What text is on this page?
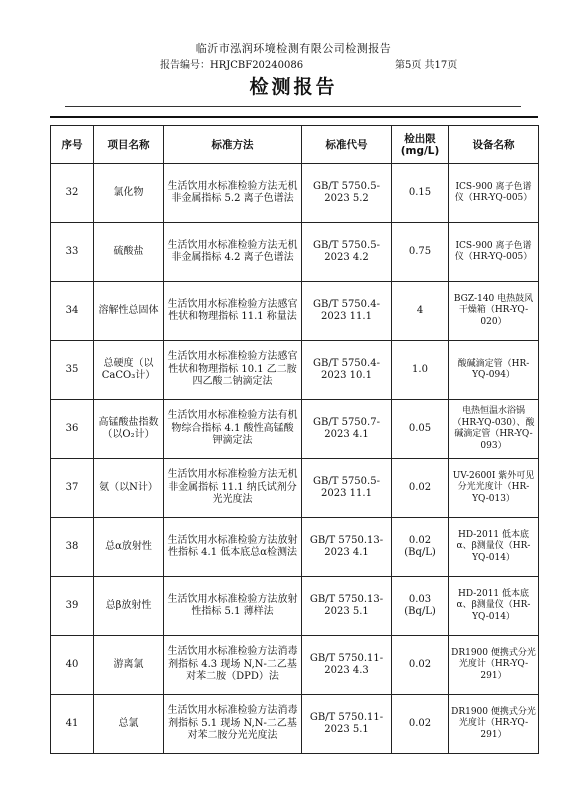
临沂市泓润环境检测有限公司检测报告
报告编号：HRJCBF20240086	第5页 共17页
检测报告
序号	项目名称	标准方法	标准代号	检出限(mg/L)	设备名称
32	氯化物	生活饮用水标准检验方法无机非金属指标 5.2 离子色谱法	GB/T 5750.5-2023 5.2	0.15	ICS-900 离子色谱仪（HR-YQ-005）
33	硫酸盐	生活饮用水标准检验方法无机非金属指标 4.2 离子色谱法	GB/T 5750.5-2023 4.2	0.75	ICS-900 离子色谱仪（HR-YQ-005）
34	溶解性总固体	生活饮用水标准检验方法感官性状和物理指标 11.1 称量法	GB/T 5750.4-2023 11.1	4	BGZ-140 电热鼓风干燥箱（HR-YQ-020）
35	总硬度（以CaCO₃计）	生活饮用水标准检验方法感官性状和物理指标 10.1 乙二胺四乙酸二钠滴定法	GB/T 5750.4-2023 10.1	1.0	酸碱滴定管（HR-YQ-094）
36	高锰酸盐指数（以O₂计）	生活饮用水标准检验方法有机物综合指标 4.1 酸性高锰酸钾滴定法	GB/T 5750.7-2023 4.1	0.05	电热恒温水浴锅（HR-YQ-030）、酸碱滴定管（HR-YQ-093）
37	氨（以N计）	生活饮用水标准检验方法无机非金属指标 11.1 纳氏试剂分光光度法	GB/T 5750.5-2023 11.1	0.02	UV-2600I 紫外可见分光光度计（HR-YQ-013）
38	总α放射性	生活饮用水标准检验方法放射性指标 4.1 低本底总α检测法	GB/T 5750.13-2023 4.1	0.02 (Bq/L)	HD-2011 低本底α、β测量仪（HR-YQ-014）
39	总β放射性	生活饮用水标准检验方法放射性指标 5.1 薄样法	GB/T 5750.13-2023 5.1	0.03 (Bq/L)	HD-2011 低本底α、β测量仪（HR-YQ-014）
40	游离氯	生活饮用水标准检验方法消毒剂指标 4.3 现场 N,N-二乙基对苯二胺（DPD）法	GB/T 5750.11-2023 4.3	0.02	DR1900 便携式分光光度计（HR-YQ-291）
41	总氯	生活饮用水标准检验方法消毒剂指标 5.1 现场 N,N-二乙基对苯二胺分光光度法	GB/T 5750.11-2023 5.1	0.02	DR1900 便携式分光光度计（HR-YQ-291）
